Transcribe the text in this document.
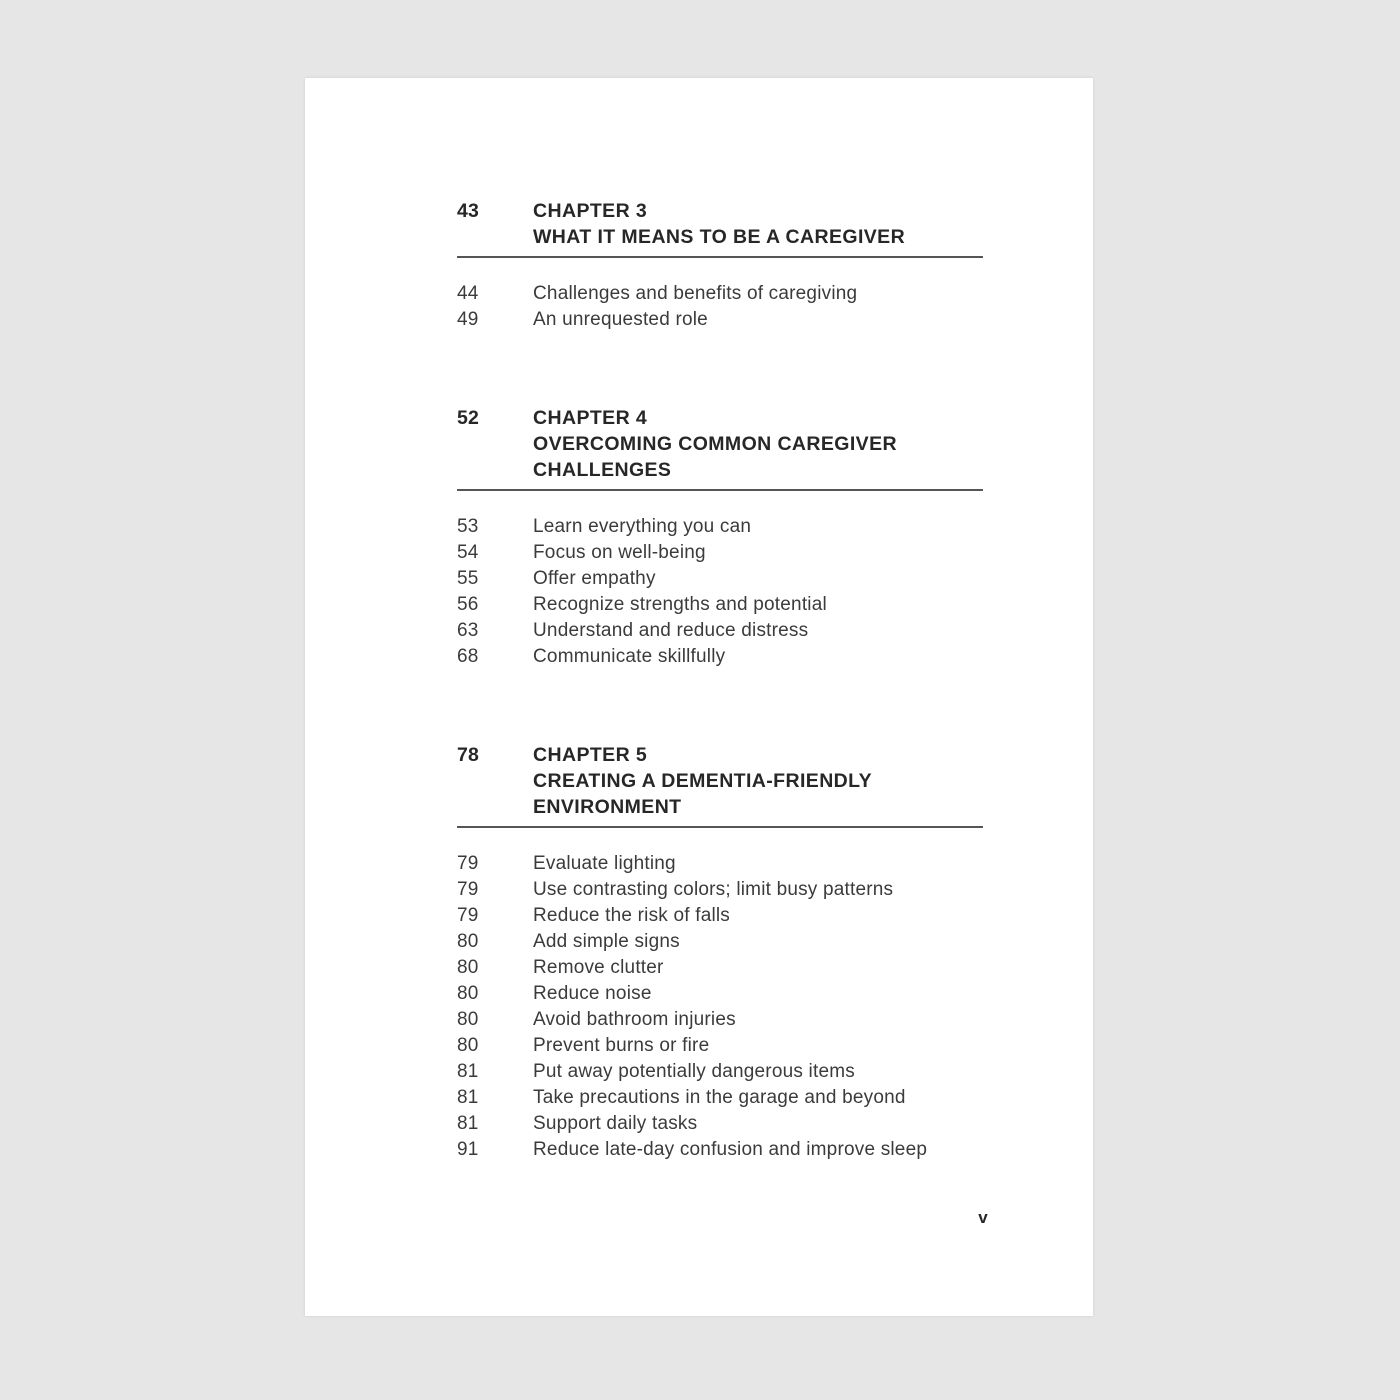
43	CHAPTER 3
WHAT IT MEANS TO BE A CAREGIVER
44	Challenges and benefits of caregiving
49	An unrequested role
52	CHAPTER 4
OVERCOMING COMMON CAREGIVER
CHALLENGES
53	Learn everything you can
54	Focus on well-being
55	Offer empathy
56	Recognize strengths and potential
63	Understand and reduce distress
68	Communicate skillfully
78	CHAPTER 5
CREATING A DEMENTIA-FRIENDLY
ENVIRONMENT
79	Evaluate lighting
79	Use contrasting colors; limit busy patterns
79	Reduce the risk of falls
80	Add simple signs
80	Remove clutter
80	Reduce noise
80	Avoid bathroom injuries
80	Prevent burns or fire
81	Put away potentially dangerous items
81	Take precautions in the garage and beyond
81	Support daily tasks
91	Reduce late-day confusion and improve sleep
v
